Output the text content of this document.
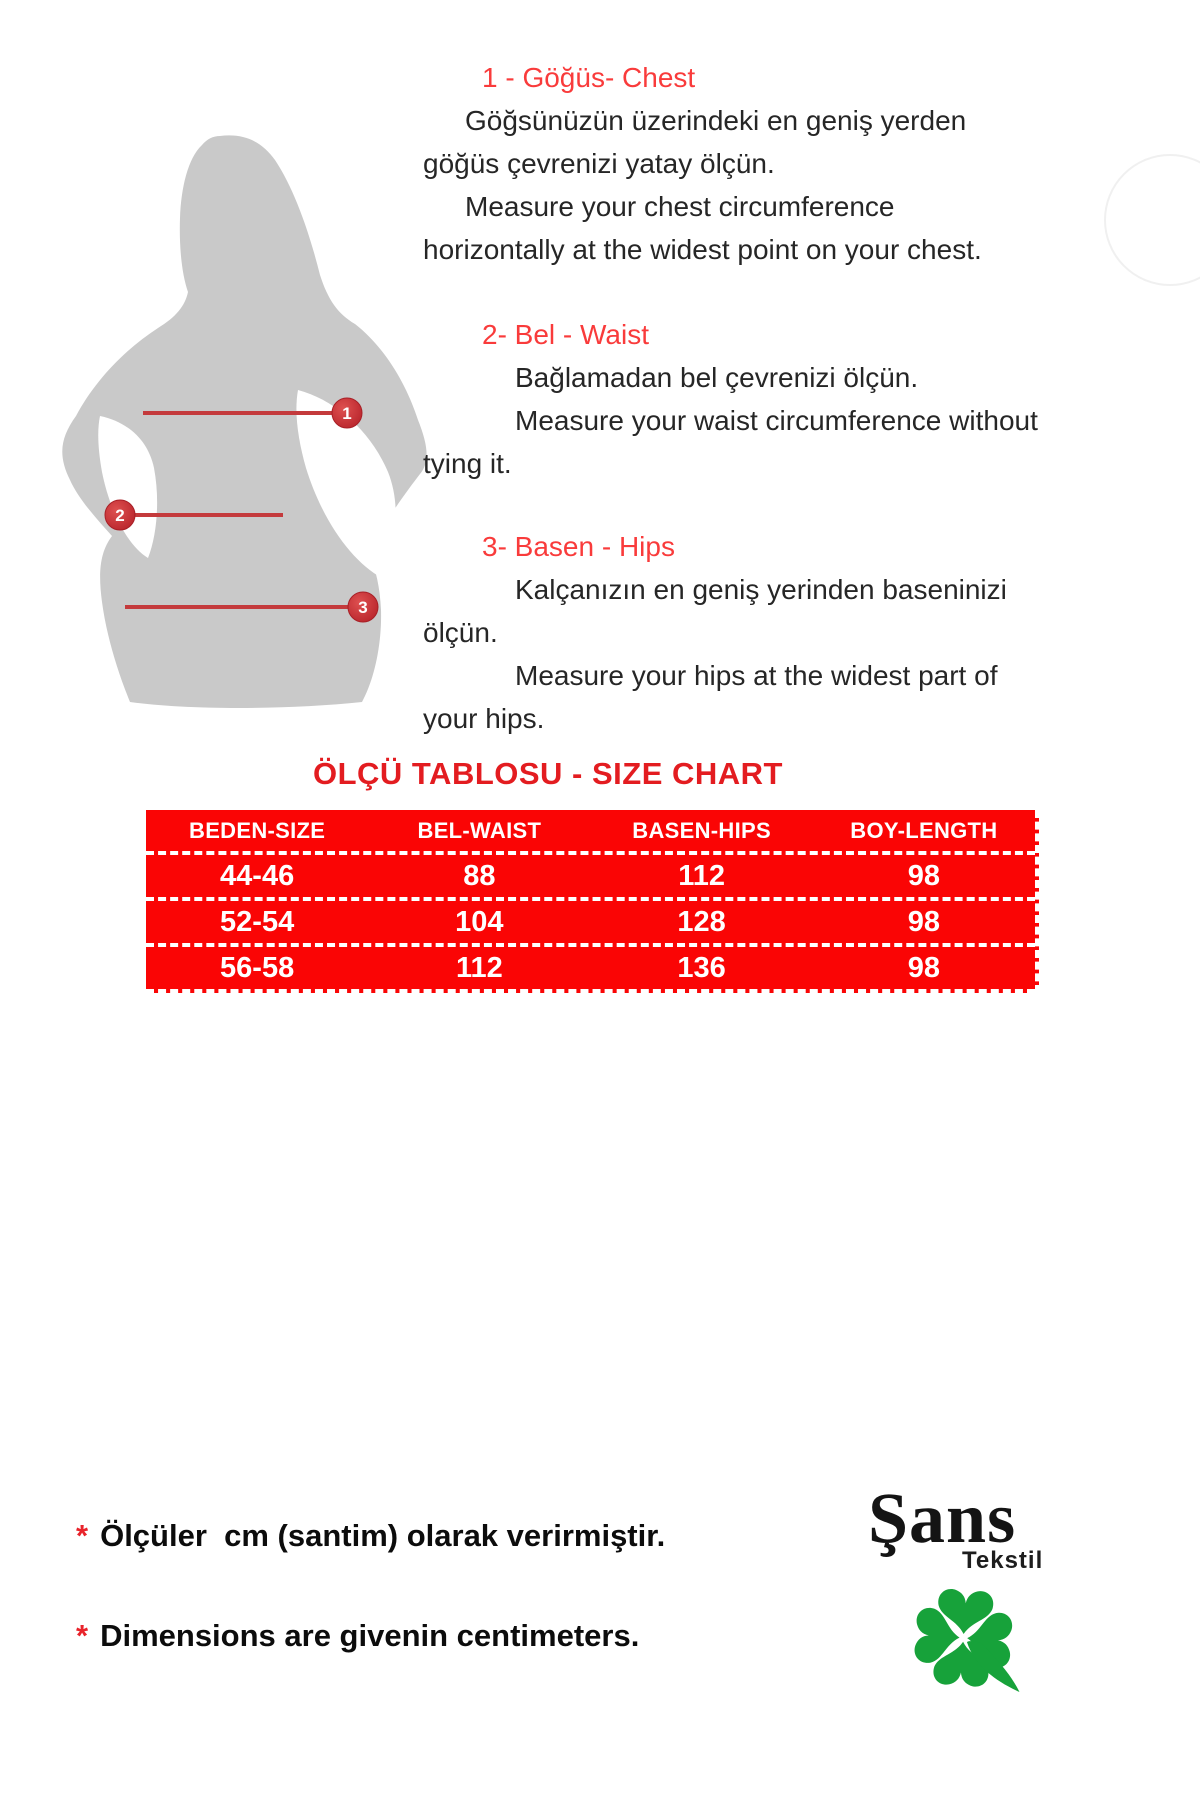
1
2
3
1 - Göğüs- Chest
Göğsünüzün üzerindeki en geniş yerden
göğüs çevrenizi yatay ölçün.
Measure your chest circumference
horizontally at the widest point on your chest.
2- Bel - Waist
Bağlamadan bel çevrenizi ölçün.
Measure your waist circumference without
tying it.
3- Basen - Hips
Kalçanızın en geniş yerinden baseninizi
ölçün.
Measure your hips at the widest part of
your hips.
ÖLÇÜ TABLOSU - SIZE CHART
BEDEN-SIZE	BEL-WAIST	BASEN-HIPS	BOY-LENGTH
44-46	88	112	98
52-54	104	128	98
56-58	112	136	98
* Ölçüler  cm (santim) olarak verirmiştir.
* Dimensions are givenin centimeters.
Şans
Tekstil
